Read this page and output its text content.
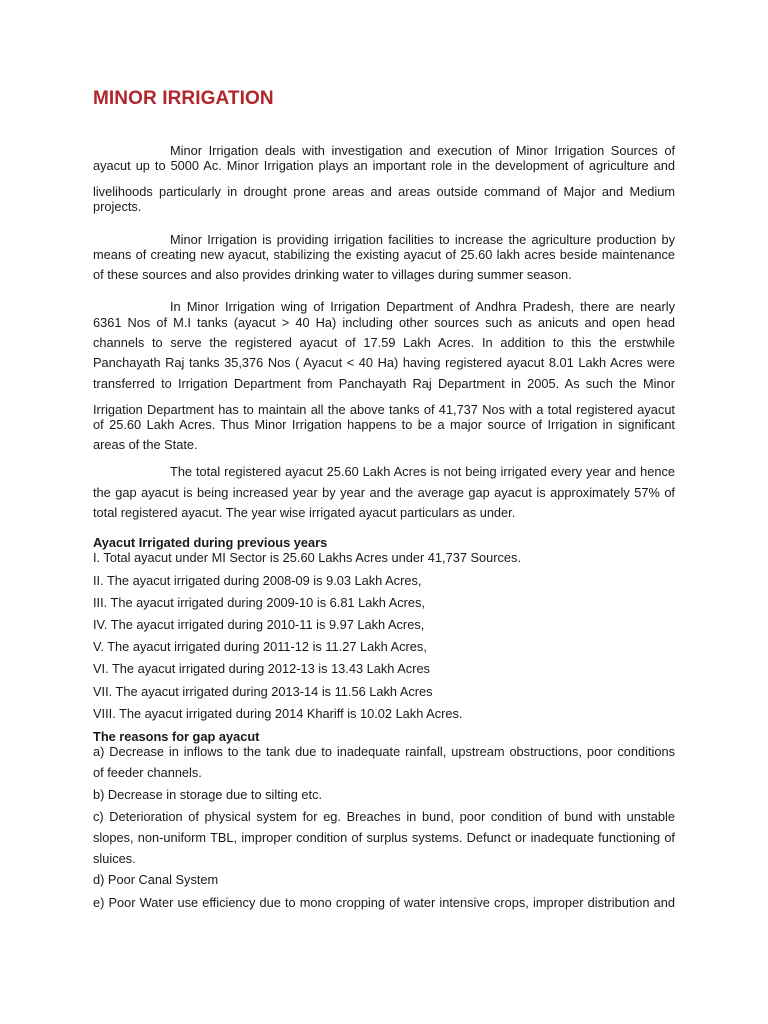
MINOR IRRIGATION
Minor Irrigation deals with investigation and execution of Minor Irrigation Sources of
ayacut up to 5000 Ac. Minor Irrigation plays an important role in the development of agriculture and
livelihoods particularly in drought prone areas and areas outside command of Major and Medium
projects.
Minor Irrigation is providing irrigation facilities to increase the agriculture production by
means of creating new ayacut, stabilizing the existing ayacut of 25.60 lakh acres beside maintenance
of these sources and also provides drinking water to villages during summer season.
In Minor Irrigation wing of Irrigation Department of Andhra Pradesh, there are nearly
6361 Nos of M.I tanks (ayacut > 40 Ha) including other sources such as anicuts and open head
channels to serve the registered ayacut of 17.59 Lakh Acres. In addition to this the erstwhile
Panchayath Raj tanks 35,376 Nos ( Ayacut < 40 Ha) having registered ayacut 8.01 Lakh Acres were
transferred to Irrigation Department from Panchayath Raj Department in 2005. As such the Minor
Irrigation Department has to maintain all the above tanks of 41,737 Nos with a total registered ayacut
of 25.60 Lakh Acres. Thus Minor Irrigation happens to be a major source of Irrigation in significant
areas of the State.
The total registered ayacut 25.60 Lakh Acres is not being irrigated every year and hence
the gap ayacut is being increased year by year and the average gap ayacut is approximately 57% of
total registered ayacut. The year wise irrigated ayacut particulars as under.
Ayacut Irrigated during previous years
I. Total ayacut under MI Sector is 25.60 Lakhs Acres under 41,737 Sources.
II. The ayacut irrigated during 2008-09 is 9.03 Lakh Acres,
III. The ayacut irrigated during 2009-10 is 6.81 Lakh Acres,
IV. The ayacut irrigated during 2010-11 is 9.97 Lakh Acres,
V. The ayacut irrigated during 2011-12 is 11.27 Lakh Acres,
VI. The ayacut irrigated during 2012-13 is 13.43 Lakh Acres
VII. The ayacut irrigated during 2013-14 is 11.56 Lakh Acres
VIII. The ayacut irrigated during 2014 Khariff is 10.02 Lakh Acres.
The reasons for gap ayacut
a) Decrease in inflows to the tank due to inadequate rainfall, upstream obstructions, poor conditions
of feeder channels.
b) Decrease in storage due to silting etc.
c) Deterioration of physical system for eg. Breaches in bund, poor condition of bund with unstable
slopes, non-uniform TBL, improper condition of surplus systems. Defunct or inadequate functioning of
sluices.
d) Poor Canal System
e) Poor Water use efficiency due to mono cropping of water intensive crops, improper distribution and
